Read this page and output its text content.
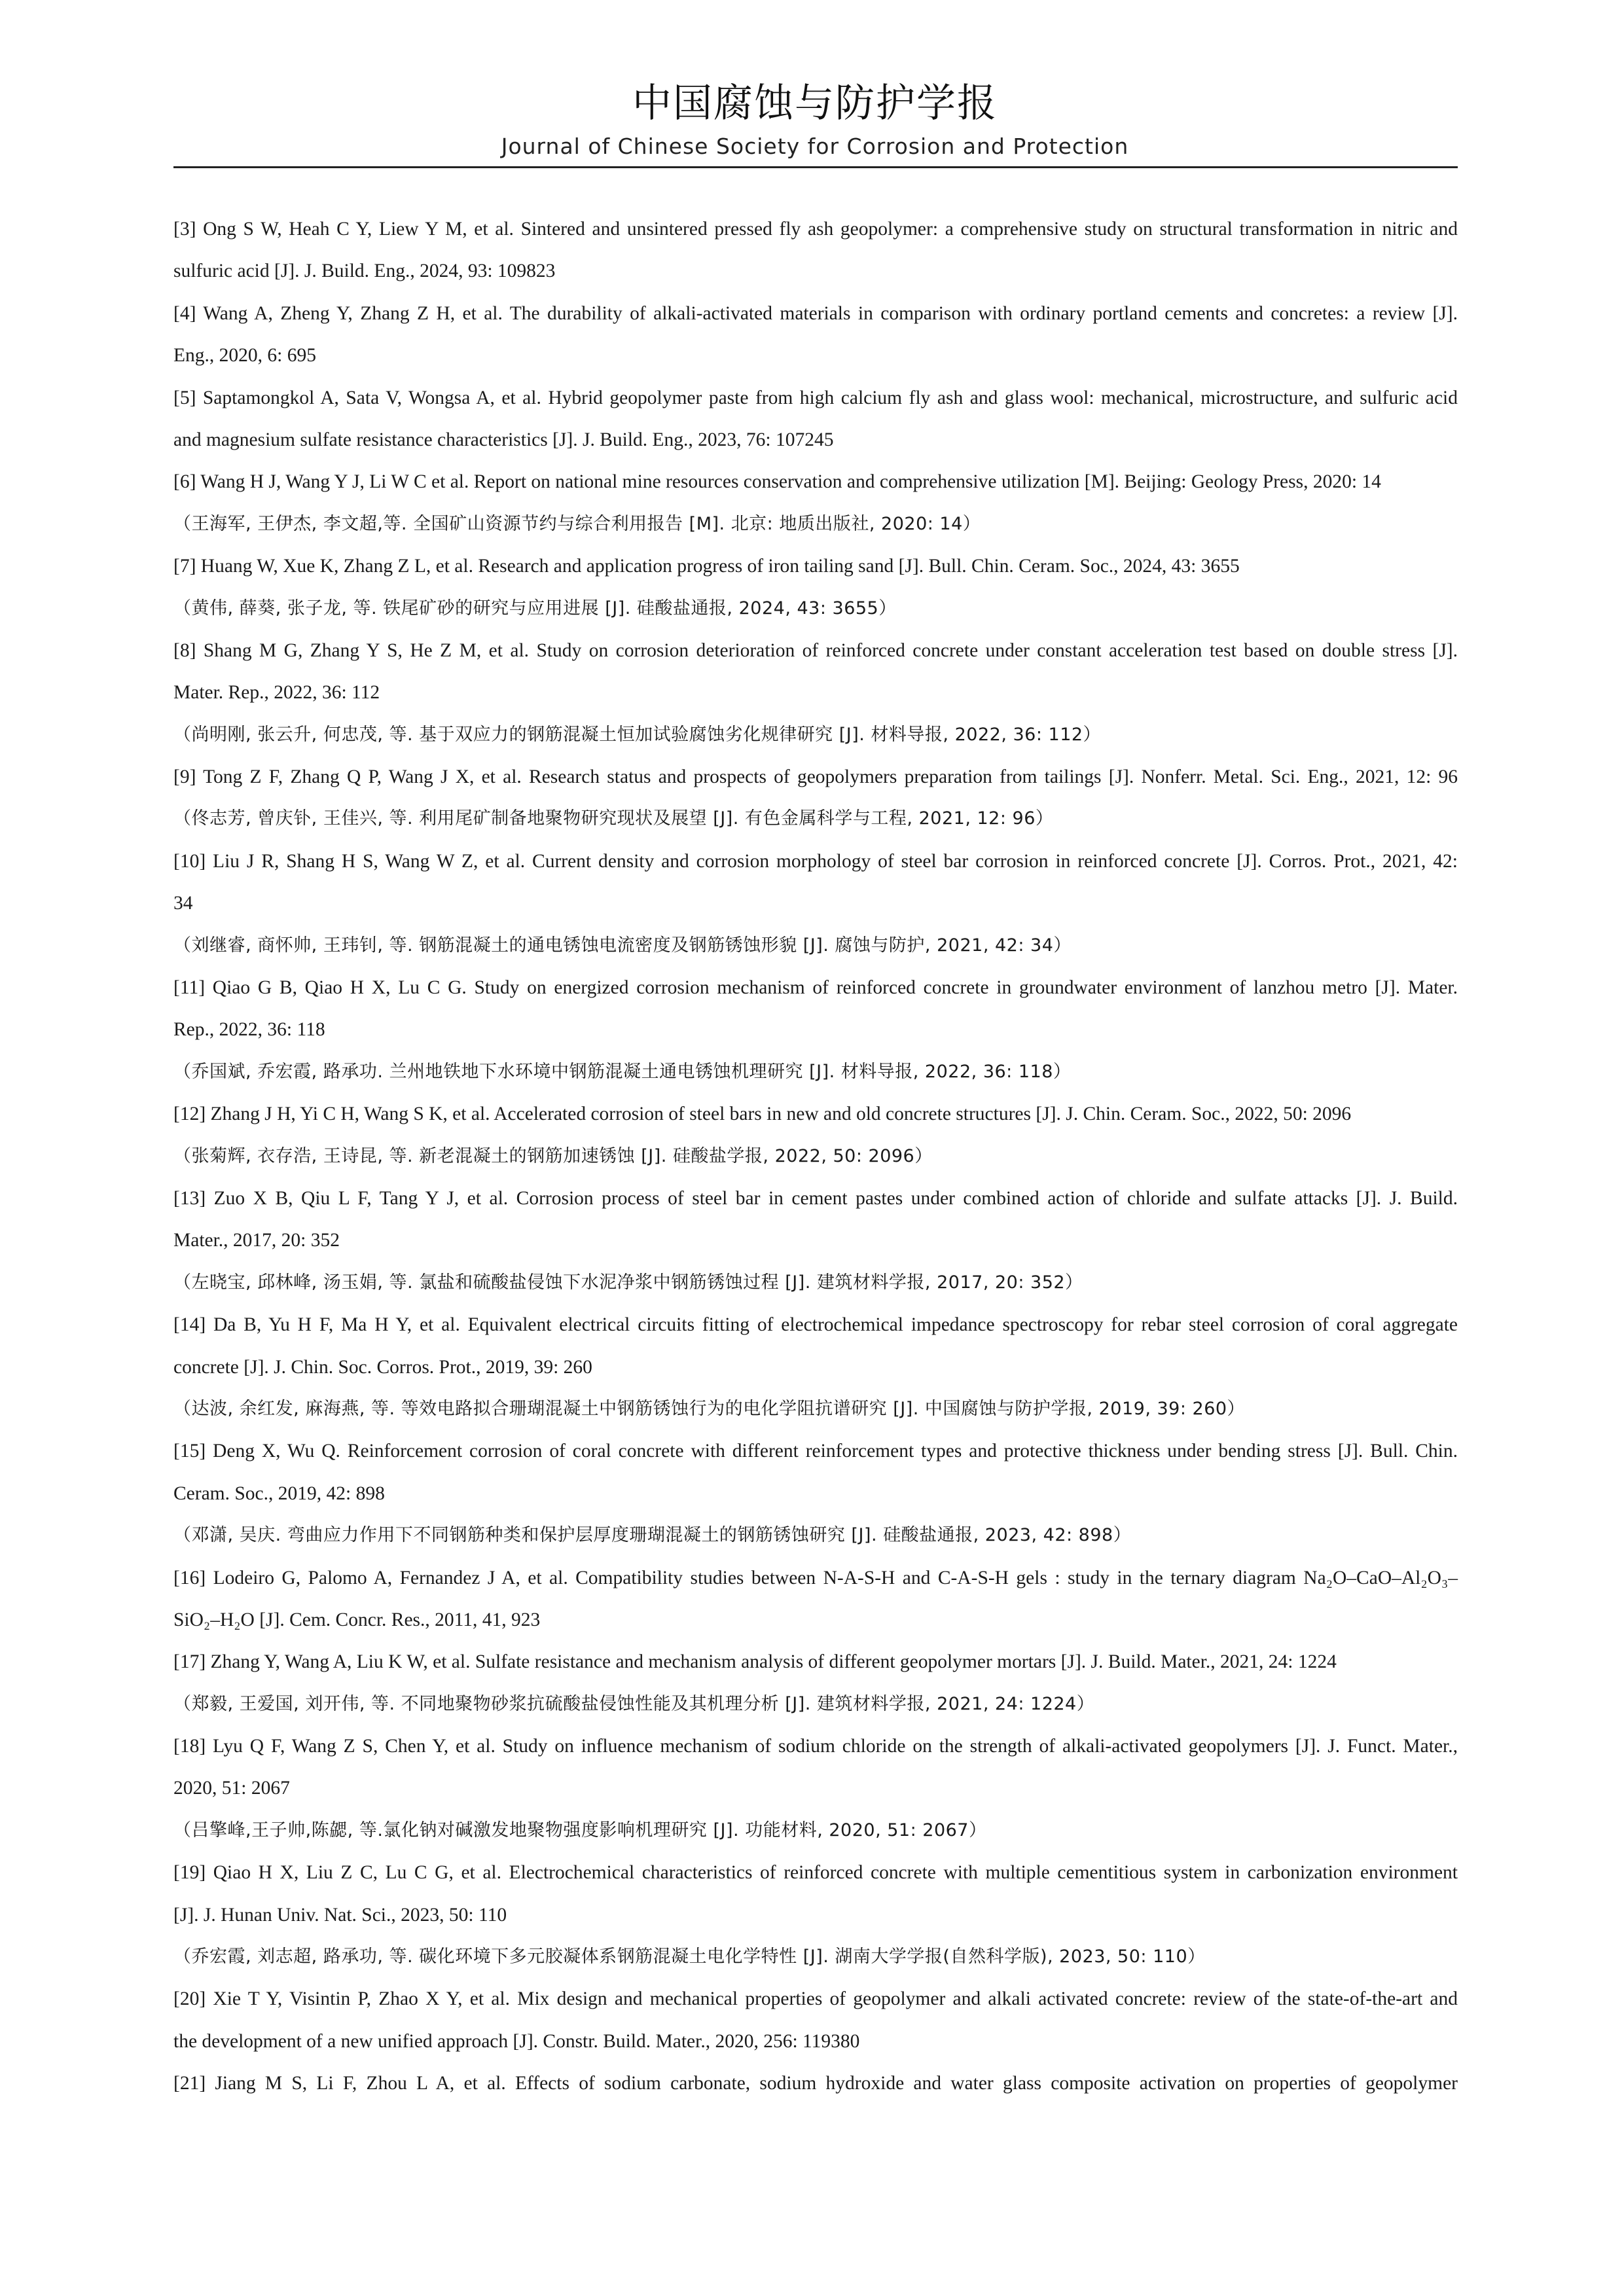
中国腐蚀与防护学报
Journal of Chinese Society for Corrosion and Protection
[3] Ong S W, Heah C Y, Liew Y M, et al. Sintered and unsintered pressed fly ash geopolymer: a comprehensive study on structural transformation in nitric and
sulfuric acid [J]. J. Build. Eng., 2024, 93: 109823
[4] Wang A, Zheng Y, Zhang Z H, et al. The durability of alkali-activated materials in comparison with ordinary portland cements and concretes: a review [J].
Eng., 2020, 6: 695
[5] Saptamongkol A, Sata V, Wongsa A, et al. Hybrid geopolymer paste from high calcium fly ash and glass wool: mechanical, microstructure, and sulfuric acid
and magnesium sulfate resistance characteristics [J]. J. Build. Eng., 2023, 76: 107245
[6] Wang H J, Wang Y J, Li W C et al. Report on national mine resources conservation and comprehensive utilization [M]. Beijing: Geology Press, 2020: 14
（王海军, 王伊杰, 李文超,等. 全国矿山资源节约与综合利用报告 [M]. 北京: 地质出版社, 2020: 14）
[7] Huang W, Xue K, Zhang Z L, et al. Research and application progress of iron tailing sand [J]. Bull. Chin. Ceram. Soc., 2024, 43: 3655
（黄伟, 薛葵, 张子龙, 等. 铁尾矿砂的研究与应用进展 [J]. 硅酸盐通报, 2024, 43: 3655）
[8] Shang M G, Zhang Y S, He Z M, et al. Study on corrosion deterioration of reinforced concrete under constant acceleration test based on double stress [J].
Mater. Rep., 2022, 36: 112
（尚明刚, 张云升, 何忠茂, 等. 基于双应力的钢筋混凝土恒加试验腐蚀劣化规律研究 [J]. 材料导报, 2022, 36: 112）
[9] Tong Z F, Zhang Q P, Wang J X, et al. Research status and prospects of geopolymers preparation from tailings [J]. Nonferr. Metal. Sci. Eng., 2021, 12: 96
（佟志芳, 曾庆钋, 王佳兴, 等. 利用尾矿制备地聚物研究现状及展望 [J]. 有色金属科学与工程, 2021, 12: 96）
[10] Liu J R, Shang H S, Wang W Z, et al. Current density and corrosion morphology of steel bar corrosion in reinforced concrete [J]. Corros. Prot., 2021, 42:
34
（刘继睿, 商怀帅, 王玮钊, 等. 钢筋混凝土的通电锈蚀电流密度及钢筋锈蚀形貌 [J]. 腐蚀与防护, 2021, 42: 34）
[11] Qiao G B, Qiao H X, Lu C G. Study on energized corrosion mechanism of reinforced concrete in groundwater environment of lanzhou metro [J]. Mater.
Rep., 2022, 36: 118
（乔国斌, 乔宏霞, 路承功. 兰州地铁地下水环境中钢筋混凝土通电锈蚀机理研究 [J]. 材料导报, 2022, 36: 118）
[12] Zhang J H, Yi C H, Wang S K, et al. Accelerated corrosion of steel bars in new and old concrete structures [J]. J. Chin. Ceram. Soc., 2022, 50: 2096
（张菊辉, 衣存浩, 王诗昆, 等. 新老混凝土的钢筋加速锈蚀 [J]. 硅酸盐学报, 2022, 50: 2096）
[13] Zuo X B, Qiu L F, Tang Y J, et al. Corrosion process of steel bar in cement pastes under combined action of chloride and sulfate attacks [J]. J. Build.
Mater., 2017, 20: 352
（左晓宝, 邱林峰, 汤玉娟, 等. 氯盐和硫酸盐侵蚀下水泥净浆中钢筋锈蚀过程 [J]. 建筑材料学报, 2017, 20: 352）
[14] Da B, Yu H F, Ma H Y, et al. Equivalent electrical circuits fitting of electrochemical impedance spectroscopy for rebar steel corrosion of coral aggregate
concrete [J]. J. Chin. Soc. Corros. Prot., 2019, 39: 260
（达波, 余红发, 麻海燕, 等. 等效电路拟合珊瑚混凝土中钢筋锈蚀行为的电化学阻抗谱研究 [J]. 中国腐蚀与防护学报, 2019, 39: 260）
[15] Deng X, Wu Q. Reinforcement corrosion of coral concrete with different reinforcement types and protective thickness under bending stress [J]. Bull. Chin.
Ceram. Soc., 2019, 42: 898
（邓潇, 吴庆. 弯曲应力作用下不同钢筋种类和保护层厚度珊瑚混凝土的钢筋锈蚀研究 [J]. 硅酸盐通报, 2023, 42: 898）
[16] Lodeiro G, Palomo A, Fernandez J A, et al. Compatibility studies between N-A-S-H and C-A-S-H gels : study in the ternary diagram Na₂O–CaO–Al₂O₃–
SiO₂–H₂O [J]. Cem. Concr. Res., 2011, 41, 923
[17] Zhang Y, Wang A, Liu K W, et al. Sulfate resistance and mechanism analysis of different geopolymer mortars [J]. J. Build. Mater., 2021, 24: 1224
（郑毅, 王爱国, 刘开伟, 等. 不同地聚物砂浆抗硫酸盐侵蚀性能及其机理分析 [J]. 建筑材料学报, 2021, 24: 1224）
[18] Lyu Q F, Wang Z S, Chen Y, et al. Study on influence mechanism of sodium chloride on the strength of alkali-activated geopolymers [J]. J. Funct. Mater.,
2020, 51: 2067
（吕擎峰,王子帅,陈勰, 等.氯化钠对碱激发地聚物强度影响机理研究 [J]. 功能材料, 2020, 51: 2067）
[19] Qiao H X, Liu Z C, Lu C G, et al. Electrochemical characteristics of reinforced concrete with multiple cementitious system in carbonization environment
[J]. J. Hunan Univ. Nat. Sci., 2023, 50: 110
（乔宏霞, 刘志超, 路承功, 等. 碳化环境下多元胶凝体系钢筋混凝土电化学特性 [J]. 湖南大学学报(自然科学版), 2023, 50: 110）
[20] Xie T Y, Visintin P, Zhao X Y, et al. Mix design and mechanical properties of geopolymer and alkali activated concrete: review of the state-of-the-art and
the development of a new unified approach [J]. Constr. Build. Mater., 2020, 256: 119380
[21] Jiang M S, Li F, Zhou L A, et al. Effects of sodium carbonate, sodium hydroxide and water glass composite activation on properties of geopolymer
